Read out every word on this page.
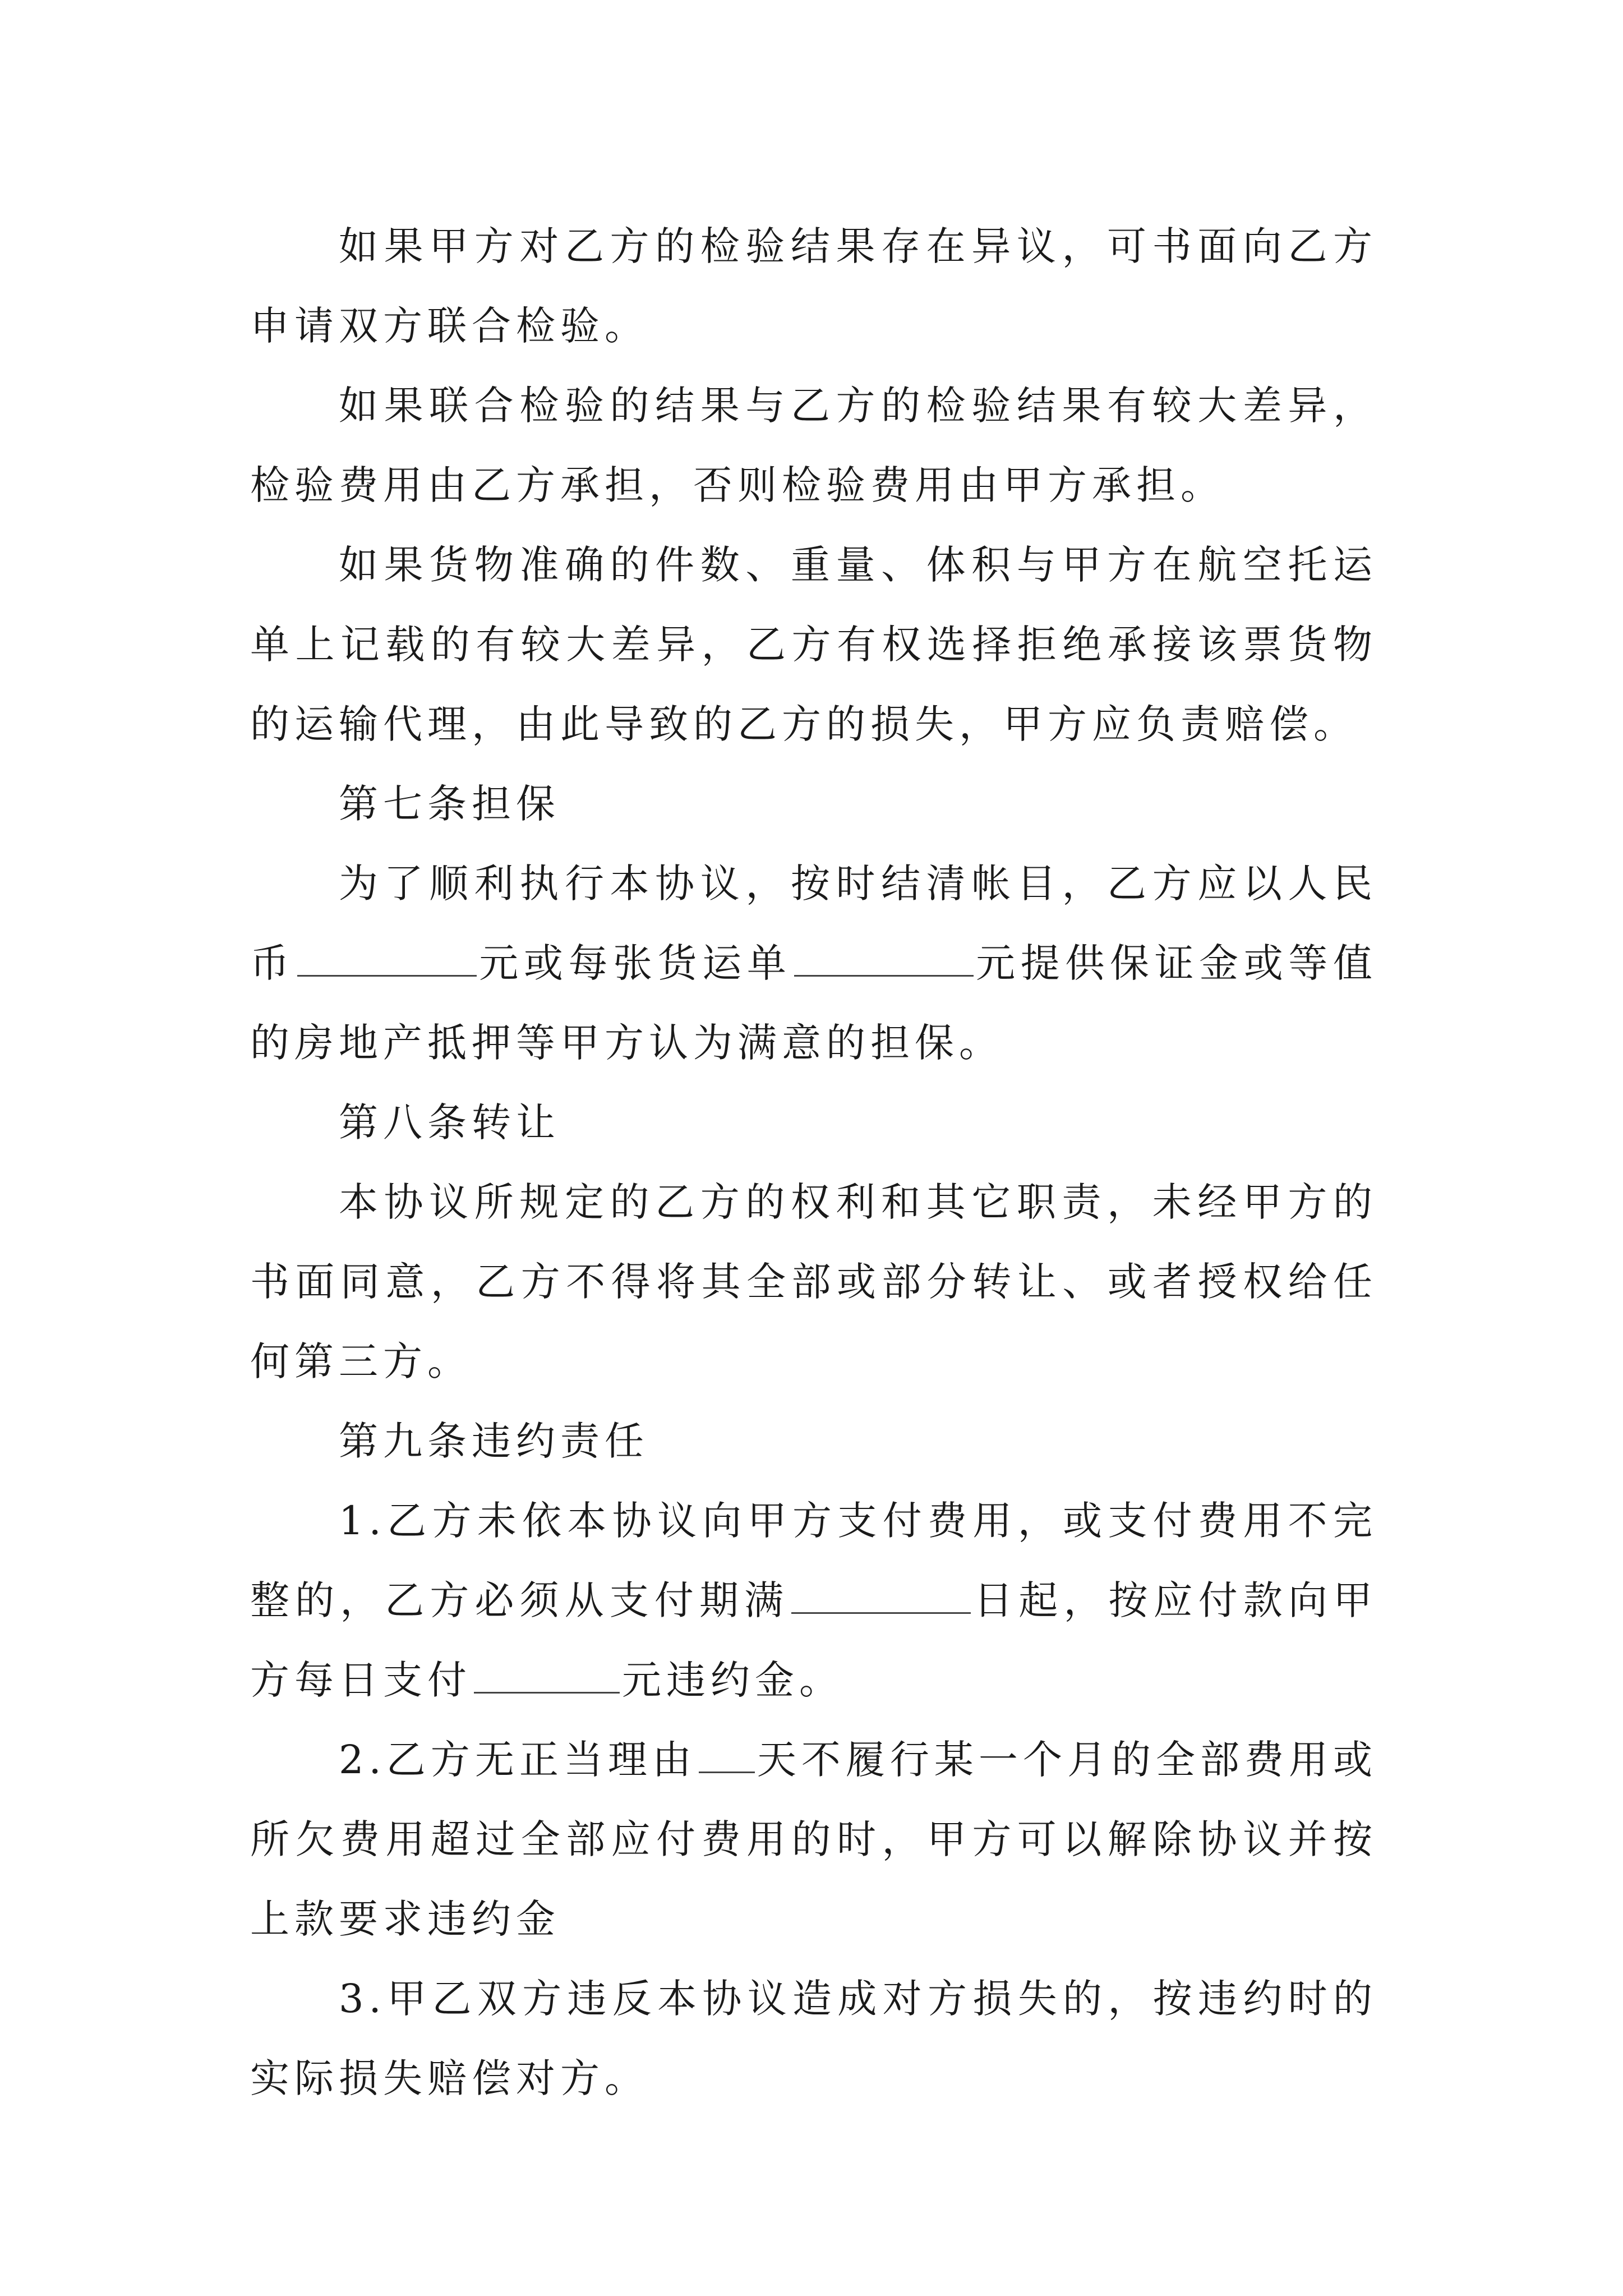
如果甲方对乙方的检验结果存在异议，可书面向乙方申请双方联合检验。

如果联合检验的结果与乙方的检验结果有较大差异，检验费用由乙方承担，否则检验费用由甲方承担。

如果货物准确的件数、重量、体积与甲方在航空托运单上记载的有较大差异，乙方有权选择拒绝承接该票货物的运输代理，由此导致的乙方的损失，甲方应负责赔偿。

第七条担保

为了顺利执行本协议，按时结清帐目，乙方应以人民币	元或每张货运单	元提供保证金或等值的房地产抵押等甲方认为满意的担保。

第八条转让

本协议所规定的乙方的权利和其它职责，未经甲方的书面同意，乙方不得将其全部或部分转让、或者授权给任何第三方。

第九条违约责任

1.乙方未依本协议向甲方支付费用，或支付费用不完整的，乙方必须从支付期满	日起，按应付款向甲方每日支付	元违约金。

2.乙方无正当理由 天不履行某一个月的全部费用或所欠费用超过全部应付费用的时，甲方可以解除协议并按上款要求违约金

3.甲乙双方违反本协议造成对方损失的，按违约时的实际损失赔偿对方。
